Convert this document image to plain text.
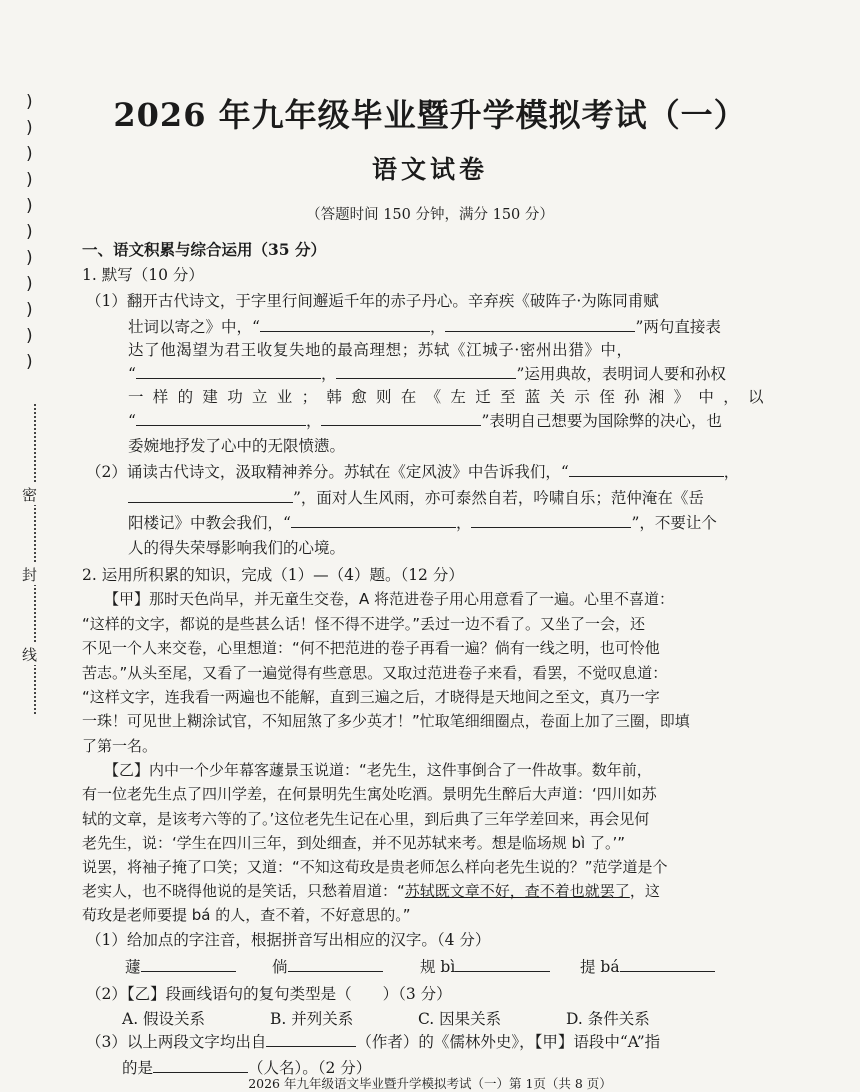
)
)
)
)
)
)
)
)
)
)
)
密
封
线
2026 年九年级毕业暨升学模拟考试（一）
语文试卷
（答题时间 150 分钟，满分 150 分）
一、语文积累与综合运用（35 分）
1. 默写（10 分）
（1）翻开古代诗文，于字里行间邂逅千年的赤子丹心。辛弃疾《破阵子·为陈同甫赋
壮词以寄之》中，“	，	”两句直接表
达了他渴望为君王收复失地的最高理想；苏轼《江城子·密州出猎》中，
“	，	”运用典故，表明词人要和孙权
一样的建功立业；韩愈则在《左迁至蓝关示侄孙湘》中，以
“	，	”表明自己想要为国除弊的决心，也
委婉地抒发了心中的无限愤懑。
（2）诵读古代诗文，汲取精神养分。苏轼在《定风波》中告诉我们，“	，
”，面对人生风雨，亦可泰然自若，吟啸自乐；范仲淹在《岳
阳楼记》中教会我们，“	，	”，不要让个
人的得失荣辱影响我们的心境。
2. 运用所积累的知识，完成（1）—（4）题。（12 分）
【甲】那时天色尚早，并无童生交卷，A 将范进卷子用心用意看了一遍。心里不喜道：
“这样的文字，都说的是些甚么话！怪不得不进学。”丢过一边不看了。又坐了一会，还
不见一个人来交卷，心里想道：“何不把范进的卷子再看一遍？倘有一线之明，也可怜他
苦志。”从头至尾，又看了一遍觉得有些意思。又取过范进卷子来看，看罢，不觉叹息道：
“这样文字，连我看一两遍也不能解，直到三遍之后，才晓得是天地间之至文，真乃一字
一珠！可见世上糊涂试官，不知屈煞了多少英才！”忙取笔细细圈点，卷面上加了三圈，即填
了第一名。
【乙】内中一个少年幕客蘧景玉说道：“老先生，这件事倒合了一件故事。数年前，
有一位老先生点了四川学差，在何景明先生寓处吃酒。景明先生醉后大声道：‘四川如苏
轼的文章，是该考六等的了。’这位老先生记在心里，到后典了三年学差回来，再会见何
老先生，说：‘学生在四川三年，到处细查，并不见苏轼来考。想是临场规 bì 了。’”
说罢，将袖子掩了口笑；又道：“不知这荀玫是贵老师怎么样向老先生说的？”范学道是个
老实人，也不晓得他说的是笑话，只愁着眉道：“苏轼既文章不好，查不着也就罢了，这
荀玫是老师要提 bá 的人，查不着，不好意思的。”
（1）给加点的字注音，根据拼音写出相应的汉字。（4 分）
蘧	倘	规 bì	提 bá
（2）【乙】段画线语句的复句类型是（　　）（3 分）
A. 假设关系	B. 并列关系	C. 因果关系	D. 条件关系
（3）以上两段文字均出自	（作者）的《儒林外史》，【甲】语段中“A”指
的是	（人名）。（2 分）
2026 年九年级语文毕业暨升学模拟考试（一）第 1页（共 8 页）
